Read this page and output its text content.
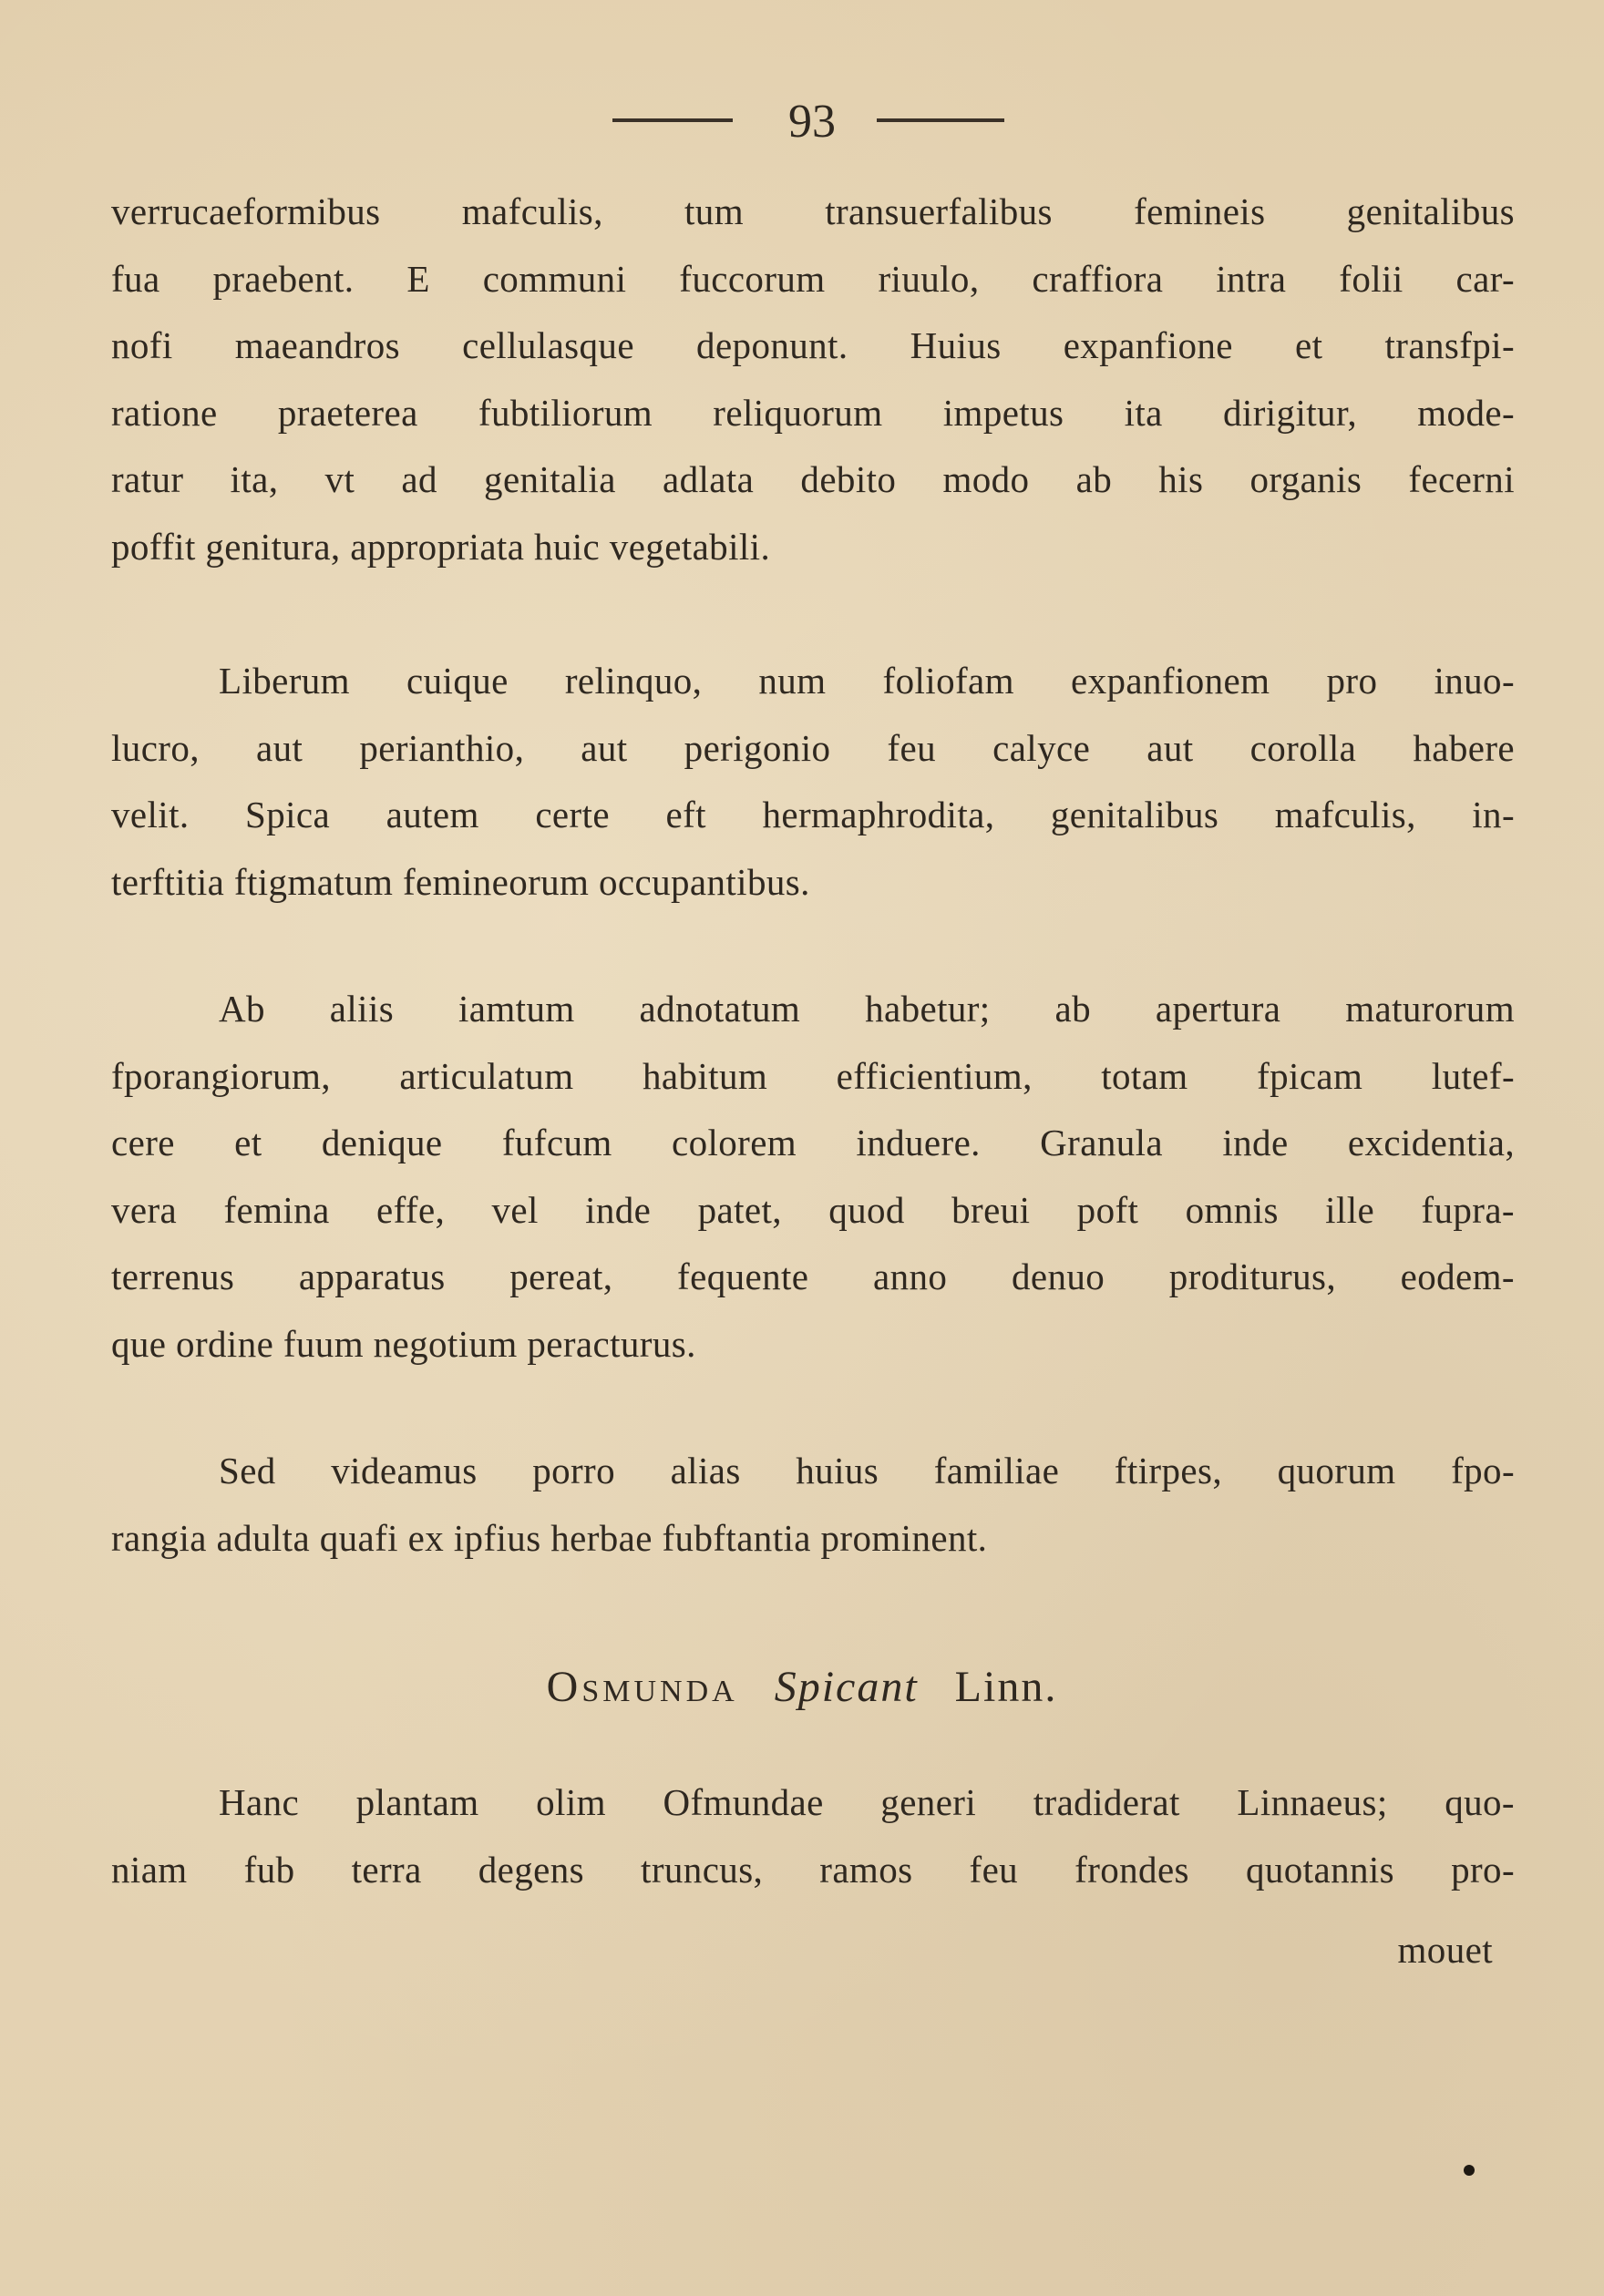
93
verrucaeformibus mafculis, tum transuerfalibus femineis genitalibus
fua praebent. E communi fuccorum riuulo, craffiora intra folii car-
nofi maeandros cellulasque deponunt. Huius expanfione et transfpi-
ratione praeterea fubtiliorum reliquorum impetus ita dirigitur, mode-
ratur ita, vt ad genitalia adlata debito modo ab his organis fecerni
poffit genitura, appropriata huic vegetabili.
Liberum cuique relinquo, num foliofam expanfionem pro inuo-
lucro, aut perianthio, aut perigonio feu calyce aut corolla habere
velit. Spica autem certe eft hermaphrodita, genitalibus mafculis, in-
terftitia ftigmatum femineorum occupantibus.
Ab aliis iamtum adnotatum habetur; ab apertura maturorum
fporangiorum, articulatum habitum efficientium, totam fpicam lutef-
cere et denique fufcum colorem induere. Granula inde excidentia,
vera femina effe, vel inde patet, quod breui poft omnis ille fupra-
terrenus apparatus pereat, fequente anno denuo proditurus, eodem-
que ordine fuum negotium peracturus.
Sed videamus porro alias huius familiae ftirpes, quorum fpo-
rangia adulta quafi ex ipfius herbae fubftantia prominent.
Osmunda Spicant Linn.
Hanc plantam olim Ofmundae generi tradiderat Linnaeus; quo-
niam fub terra degens truncus, ramos feu frondes quotannis pro-
mouet
